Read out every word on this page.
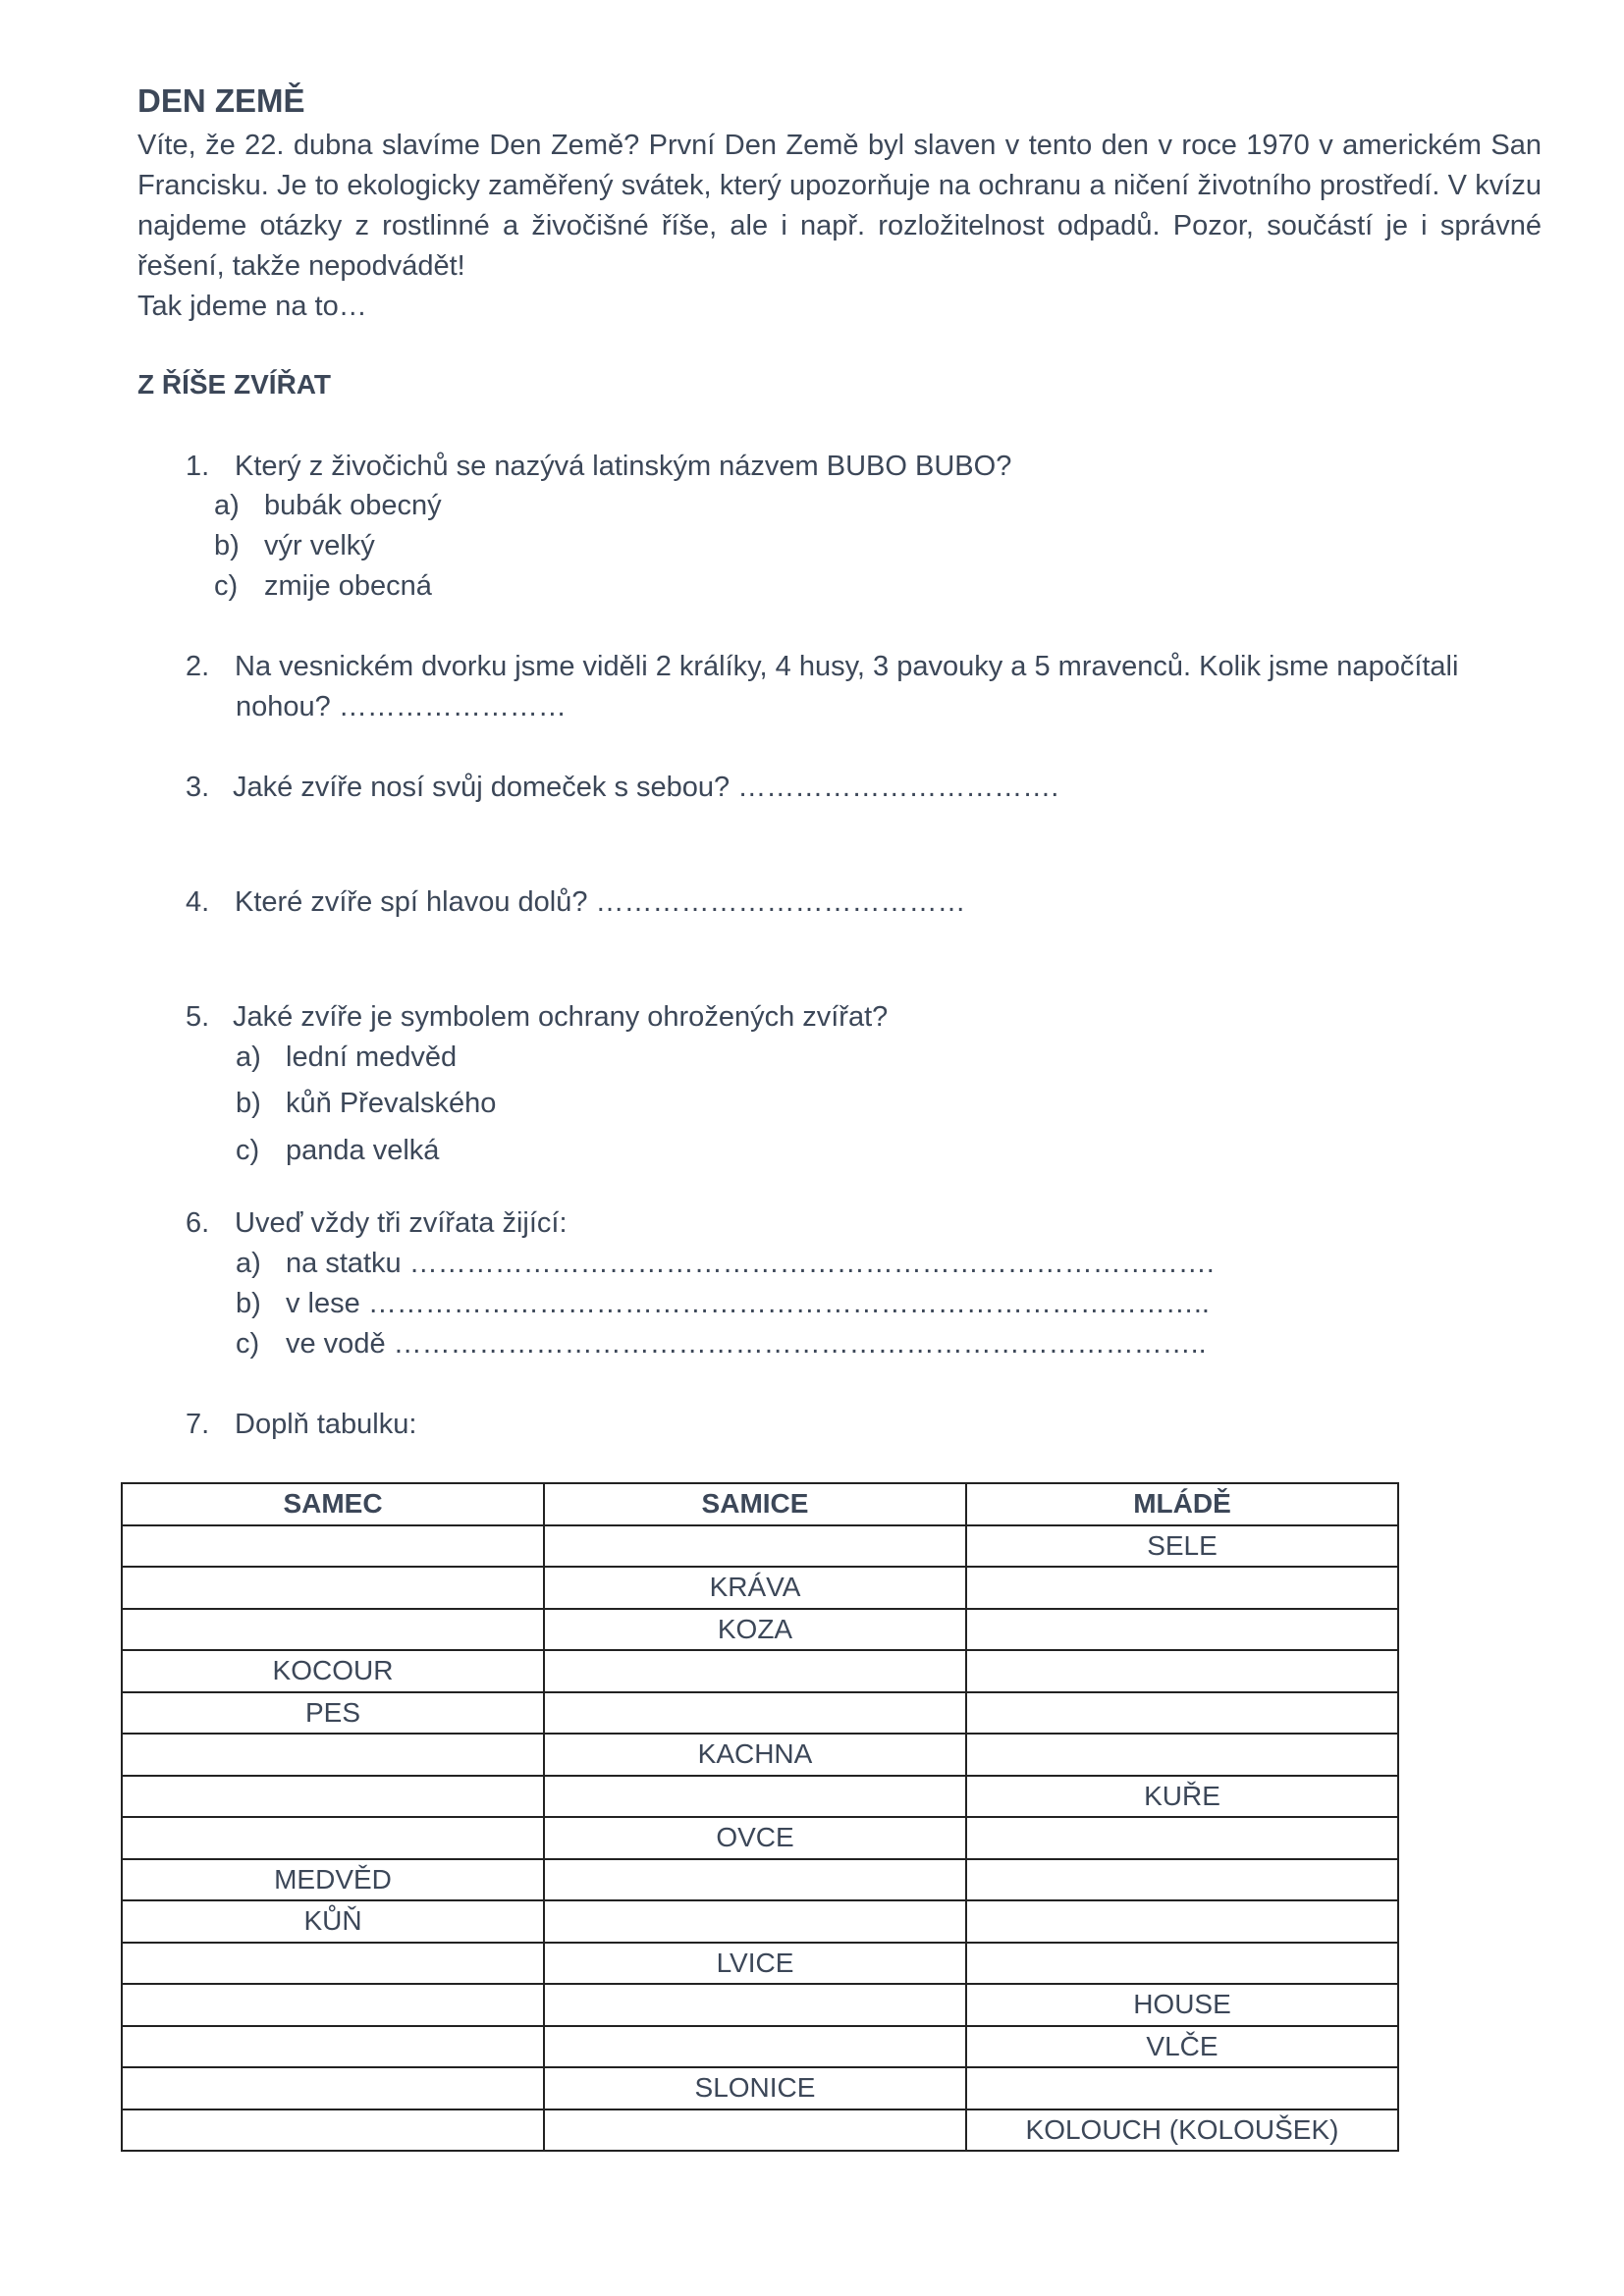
DEN ZEMĚ

Víte, že 22. dubna slavíme Den Země? První Den Země byl slaven v tento den v roce 1970 v americkém San Francisku. Je to ekologicky zaměřený svátek, který upozorňuje na ochranu a ničení životního prostředí. V kvízu najdeme otázky z rostlinné a živočišné říše, ale i např. rozložitelnost odpadů. Pozor, součástí je i správné řešení, takže nepodvádět!

Tak jdeme na to…

Z ŘÍŠE ZVÍŘAT
1. Který z živočichů se nazývá latinským názvem BUBO BUBO?
a) bubák obecný
b) výr velký
c) zmije obecná
2. Na vesnickém dvorku jsme viděli 2 králíky, 4 husy, 3 pavouky a 5 mravenců. Kolik jsme napočítali
nohou? ……………………
3. Jaké zvíře nosí svůj domeček s sebou? …………………………….
4. Které zvíře spí hlavou dolů? …………………………………
5. Jaké zvíře je symbolem ochrany ohrožených zvířat?
a) lední medvěd
b) kůň Převalského
c) panda velká
6. Uveď vždy tři zvířata žijící:
a) na statku ………………………………………………………………………….
b) v lese ……………………………………………………………………………..
c) ve vodě …………………………………………………………………………..
7. Doplň tabulku:
SAMEC	SAMICE	MLÁDĚ
		SELE
	KRÁVA	
	KOZA	
KOCOUR		
PES		
	KACHNA	
		KUŘE
	OVCE	
MEDVĚD		
KŮŇ		
	LVICE	
		HOUSE
		VLČE
	SLONICE	
		KOLOUCH (KOLOUŠEK)
